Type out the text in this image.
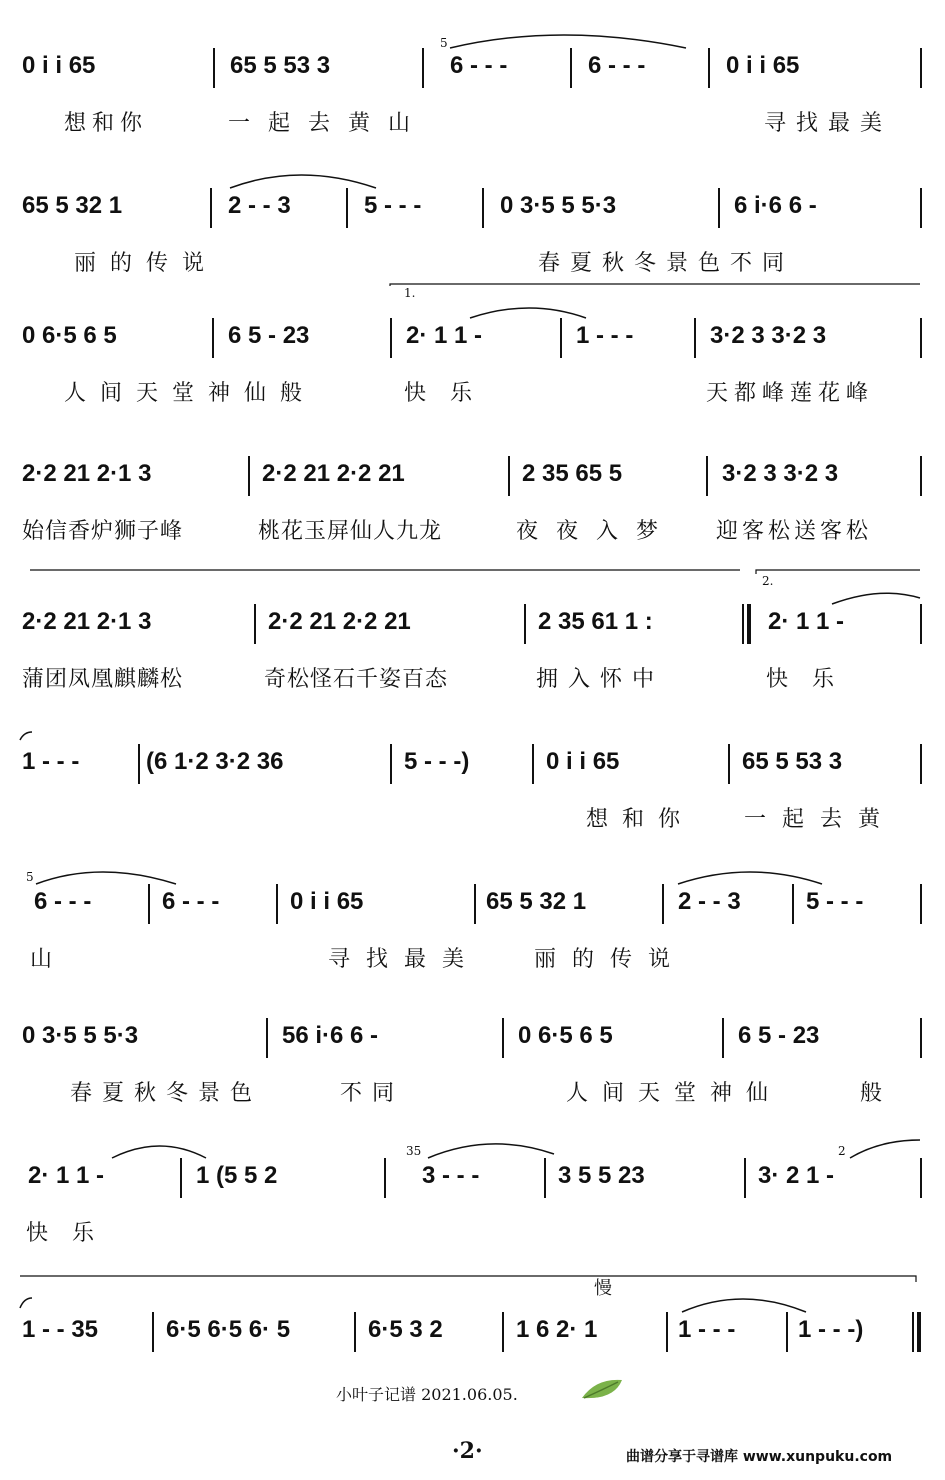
0 i i 65	65 5 53 3
5
6 - - -	6 - - -	0 i i 65
想和你	一起去黄山	寻找最美
65 5 32 1	2 - - 3	5 - - -	0 3·5 5 5·3	6 i·6 6 -
丽的传说	春夏秋冬景色不同
0 6·5 6 5	6 5 - 23
1.
2· 1 1 -	1 - - -	3·2 3 3·2 3
人间天堂神仙般	快乐	天都峰莲花峰
2·2 21 2·1 3	2·2 21 2·2 21	2 35 65 5	3·2 3 3·2 3
始信香炉狮子峰	桃花玉屏仙人九龙	夜夜入梦 迎客松送客松
2·2 21 2·1 3	2·2 21 2·2 21	2 35 61 1 :
2.
2· 1 1 -
蒲团凤凰麒麟松	奇松怪石千姿百态	拥入怀中	快乐
1 - - -	(6 1·2 3·2 36	5 - - -)	0 i i 65	65 5 53 3
想和你 一起去黄
5
6 - - -	6 - - -	0 i i 65	65 5 32 1	2 - - 3	5 - - -
山	寻找最美 丽的传说
0 3·5 5 5·3	56 i·6 6 -	0 6·5 6 5	6 5 - 23
春夏秋冬景色	不同	人间天堂神仙	般
2· 1 1 -	1 (5 5 2
35
3 - - -	3 5 5 23
2
3· 2 1 -
快乐
慢
1 - - 35	6·5 6·5 6· 5	6·5 3 2	1 6 2· 1	1 - - -	1 - - -)
小叶子记谱 2021.06.05.
·2·	曲谱分享于寻谱库 www.xunpuku.com
